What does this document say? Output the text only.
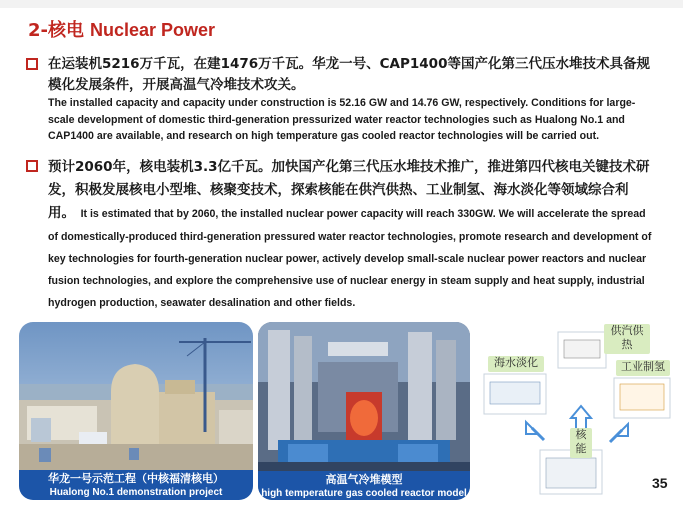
2-核电 Nuclear Power
在运装机5216万千瓦，在建1476万千瓦。华龙一号、CAP1400等国产化第三代压水堆技术具备规模化发展条件，开展高温气冷堆技术攻关。
The installed capacity and capacity under construction is 52.16 GW and 14.76 GW, respectively. Conditions for large-scale development of domestic third-generation pressurized water reactor technologies such as Hualong No.1 and CAP1400 are available, and research on high temperature gas cooled reactor technologies will be carried out.
预计2060年，核电装机3.3亿千瓦。加快国产化第三代压水堆技术推广，推进第四代核电关键技术研发，积极发展核电小型堆、核聚变技术，探索核能在供汽供热、工业制氢、海水淡化等领域综合利用。 It is estimated that by 2060, the installed nuclear power capacity will reach 330GW. We will accelerate the spread of domestically-produced third-generation pressured water reactor technologies, promote research and development of key technologies for fourth-generation nuclear power, actively develop small-scale nuclear power reactors and nuclear fusion technologies, and explore the comprehensive use of nuclear energy in steam supply and heat supply, industrial hydrogen production, seawater desalination and other fields.
华龙一号示范工程（中核福清核电）
Hualong No.1 demonstration project
高温气冷堆模型
high temperature gas cooled reactor model
海水淡化
供汽供
热
工业制氢
核
能
35
